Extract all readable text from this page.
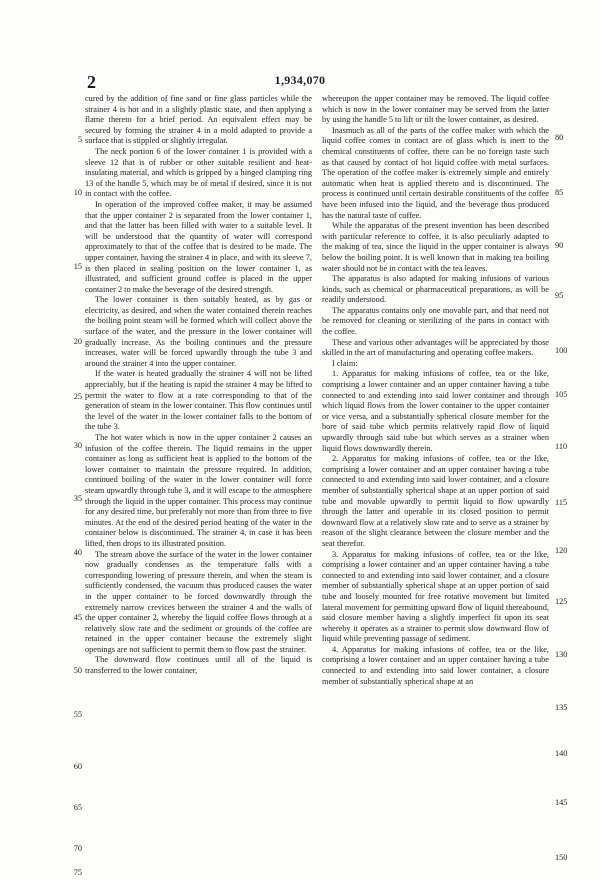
2	1,934,070

cured by the addition of fine sand or fine glass particles while the strainer 4 is hot and in a slightly plastic state, and then applying a flame thereto for a brief period. An equivalent effect may be secured by forming the strainer 4 in a mold adapted to provide a surface that is stippled or slightly irregular.

The neck portion 6 of the lower container 1 is provided with a sleeve 12 that is of rubber or other suitable resilient and heat-insulating material, and which is gripped by a hinged clamping ring 13 of the handle 5, which may be of metal if desired, since it is not in contact with the coffee.

In operation of the improved coffee maker, it may be assumed that the upper container 2 is separated from the lower container 1, and that the latter has been filled with water to a suitable level. It will be understood that the quantity of water will correspond approximately to that of the coffee that is desired to be made. The upper container, having the strainer 4 in place, and with its sleeve 7, is then placed in sealing position on the lower container 1, as illustrated, and sufficient ground coffee is placed in the upper container 2 to make the beverage of the desired strength.

The lower container is then suitably heated, as by gas or electricity, as desired, and when the water contained therein reaches the boiling point steam will be formed which will collect above the surface of the water, and the pressure in the lower container will gradually increase. As the boiling continues and the pressure increases, water will be forced upwardly through the tube 3 and around the strainer 4 into the upper container.

If the water is heated gradually the strainer 4 will not be lifted appreciably, but if the heating is rapid the strainer 4 may be lifted to permit the water to flow at a rate corresponding to that of the generation of steam in the lower container. This flow continues until the level of the water in the lower container falls to the bottom of the tube 3.

The hot water which is now in the upper container 2 causes an infusion of the coffee therein. The liquid remains in the upper container as long as sufficient heat is applied to the bottom of the lower container to maintain the pressure required. In addition, continued boiling of the water in the lower container will force steam upwardly through tube 3, and it will escape to the atmosphere through the liquid in the upper container. This process may continue for any desired time, but preferably not more than from three to five minutes. At the end of the desired period heating of the water in the container below is discontinued. The strainer 4, in case it has been lifted, then drops to its illustrated position.

The stream above the surface of the water in the lower container now gradually condenses as the temperature falls with a corresponding lowering of pressure therein, and when the steam is sufficiently condensed, the vacuum thus produced causes the water in the upper container to be forced downwardly through the extremely narrow crevices between the strainer 4 and the walls of the upper container 2, whereby the liquid coffee flows through at a relatively slow rate and the sediment or grounds of the coffee are retained in the upper container because the extremely slight openings are not sufficient to permit them to flow past the strainer.

The downward flow continues until all of the liquid is transferred to the lower container,

whereupon the upper container may be removed. The liquid coffee which is now in the lower container may be served from the latter by using the handle 5 to lift or tilt the lower container, as desired.

Inasmuch as all of the parts of the coffee maker with which the liquid coffee comes in contact are of glass which is inert to the chemical constituents of coffee, there can be no foreign taste such as that caused by contact of hot liquid coffee with metal surfaces. The operation of the coffee maker is extremely simple and entirely automatic when heat is applied thereto and is discontinued. The process is continued until certain desirable constituents of the coffee have been infused into the liquid, and the beverage thus produced has the natural taste of coffee.

While the apparatus of the present invention has been described with particular reference to coffee, it is also peculiarly adapted to the making of tea, since the liquid in the upper container is always below the boiling point. It is well known that in making tea boiling water should not be in contact with the tea leaves.

The apparatus is also adapted for making infusions of various kinds, such as chemical or pharmaceutical preparations, as will be readily understood.

The apparatus contains only one movable part, and that need not be removed for cleaning or sterilizing of the parts in contact with the coffee.

These and various other advantages will be appreciated by those skilled in the art of manufacturing and operating coffee makers.

I claim:

1. Apparatus for making infusions of coffee, tea or the like, comprising a lower container and an upper container having a tube connected to and extending into said lower container and through which liquid flows from the lower container to the upper container or vice versa, and a substantially spherical closure member for the bore of said tube which permits relatively rapid flow of liquid upwardly through said tube but which serves as a strainer when liquid flows downwardly therein.

2. Apparatus for making infusions of coffee, tea or the like, comprising a lower container and an upper container having a tube connected to and extending into said lower container, and a closure member of substantially spherical shape at an upper portion of said tube and movable upwardly to permit liquid to flow upwardly through the latter and operable in its closed position to permit downward flow at a relatively slow rate and to serve as a strainer by reason of the slight clearance between the closure member and the seat therefor.

3. Apparatus for making infusions of coffee, tea or the like, comprising a lower container and an upper container having a tube connected to and extending into said lower container, and a closure member of substantially spherical shape at an upper portion of said tube and loosely mounted for free rotative movement but limited lateral movement for permitting upward flow of liquid thereabound, said closure member having a slightly imperfect fit upon its seat whereby it operates as a strainer to permit slow downward flow of liquid while preventing passage of sediment.

4. Apparatus for making infusions of coffee, tea or the like, comprising a lower container and an upper container having a tube connected to and extending into said lower container, a closure member of substantially spherical shape at an

5
10
15
20
25
30
35
40
45
50
55
60
65
70
75
80
85
90
95
100
105
110
115
120
125
130
135
140
145
150
